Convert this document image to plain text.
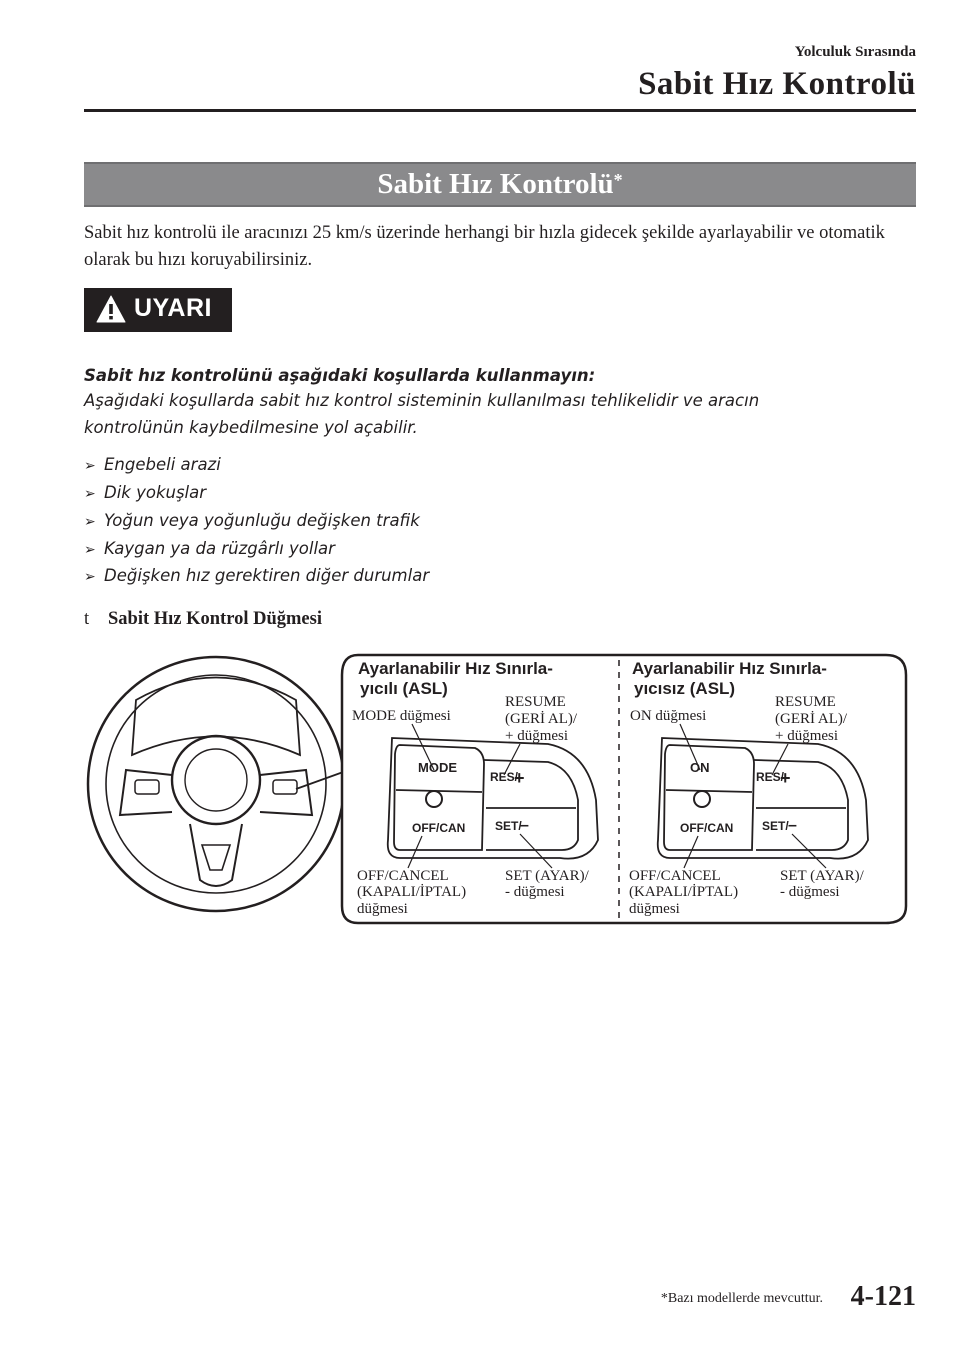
Yolculuk Sırasında
Sabit Hız Kontrolü
Sabit Hız Kontrolü*
Sabit hız kontrolü ile aracınızı 25 km/s üzerinde herhangi bir hızla gidecek şekilde ayarlayabilir ve otomatik olarak bu hızı koruyabilirsiniz.
UYARI
Sabit hız kontrolünü aşağıdaki koşullarda kullanmayın:
Aşağıdaki koşullarda sabit hız kontrol sisteminin kullanılması tehlikelidir ve aracın kontrolünün kaybedilmesine yol açabilir.
➢ Engebeli arazi
➢ Dik yokuşlar
➢ Yoğun veya yoğunluğu değişken trafik
➢ Kaygan ya da rüzgârlı yollar
➢ Değişken hız gerektiren diğer durumlar
t Sabit Hız Kontrol Düğmesi
MODE
OFF/CAN
RES/
+
SET/
–
ON
OFF/CAN
RES/
+
SET/ –
Ayarlanabilir Hız Sınırla-
yıcılı (ASL)
Ayarlanabilir Hız Sınırla-
yıcısız (ASL)
MODE düğmesi
RESUME
(GERİ AL)/
+ düğmesi
OFF/CANCEL
(KAPALI/İPTAL)
düğmesi
SET (AYAR)/
- düğmesi
ON düğmesi
RESUME
(GERİ AL)/
+ düğmesi
OFF/CANCEL
(KAPALI/İPTAL)
düğmesi
SET (AYAR)/
- düğmesi
*Bazı modellerde mevcuttur. 4-121
